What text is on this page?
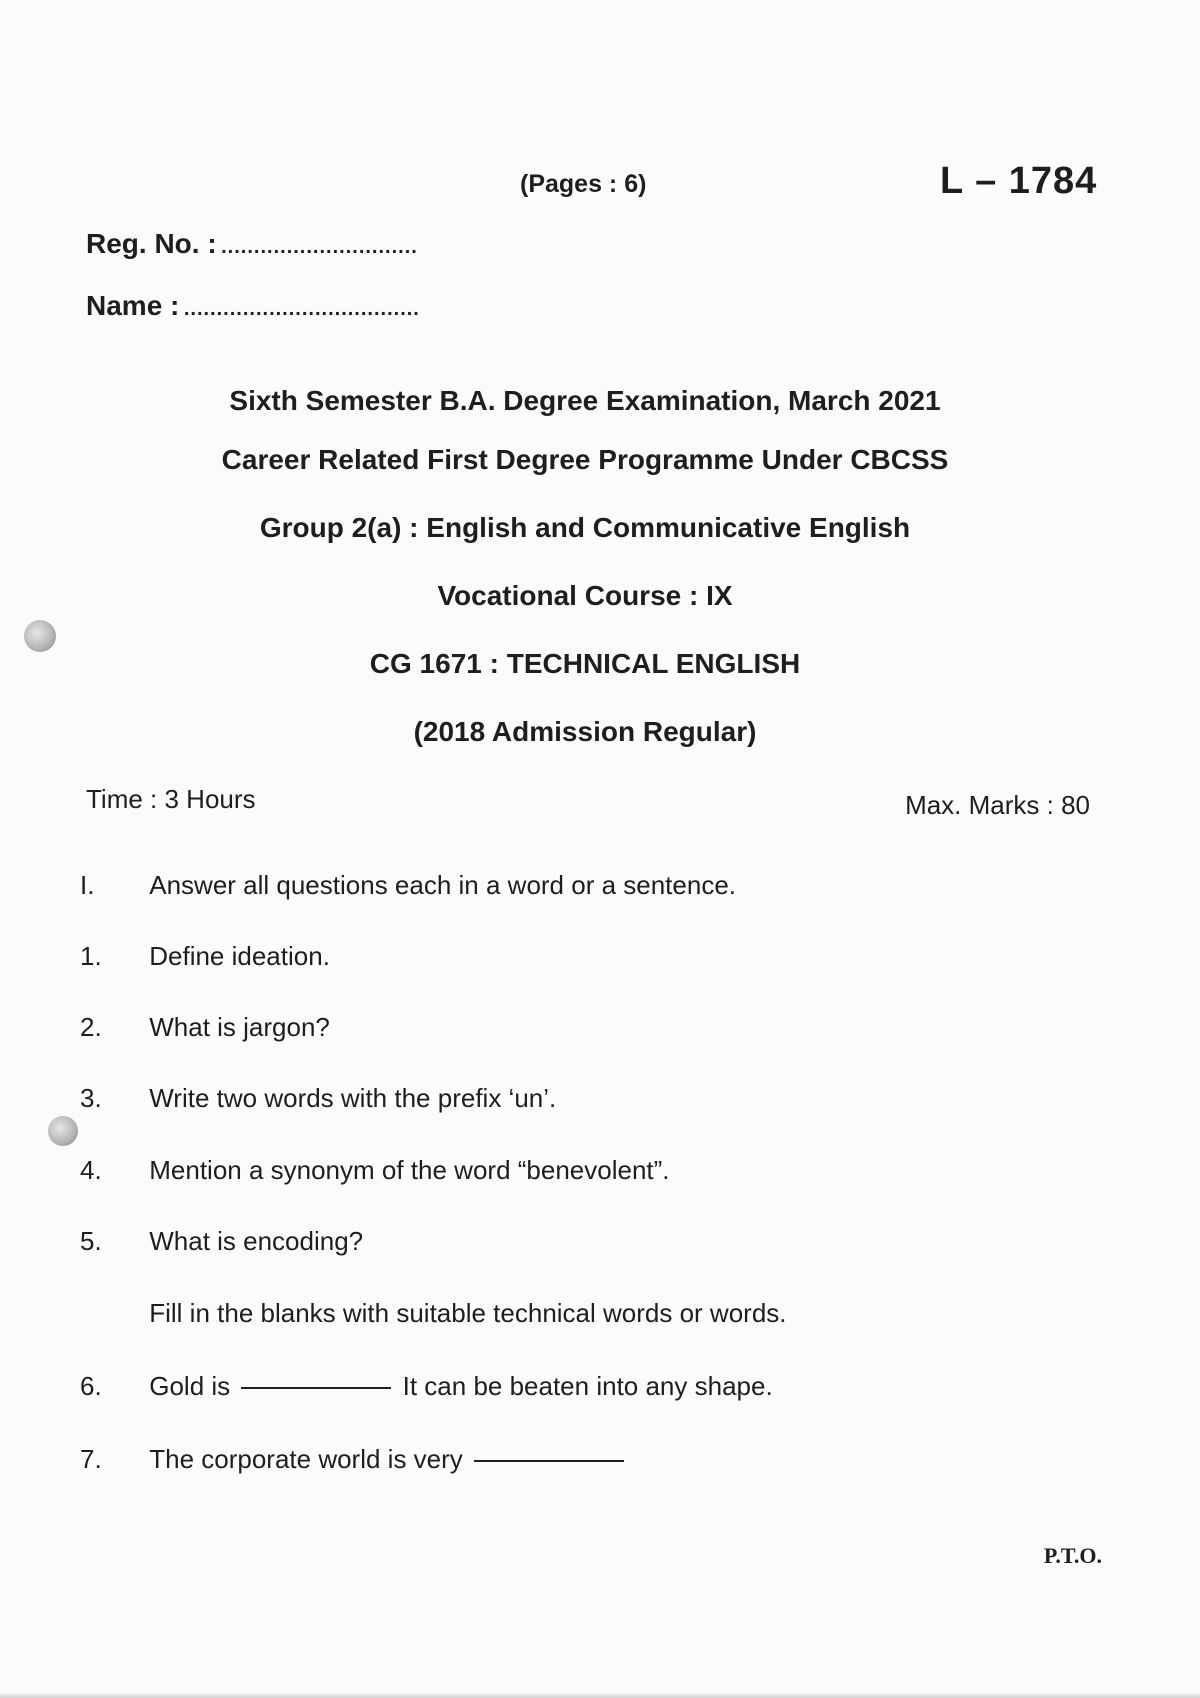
(Pages : 6)	L – 1784
Reg. No. : ..............................
Name : ....................................
Sixth Semester B.A. Degree Examination, March 2021
Career Related First Degree Programme Under CBCSS
Group 2(a) : English and Communicative English
Vocational Course : IX
CG 1671 : TECHNICAL ENGLISH
(2018 Admission Regular)
Time : 3 Hours	Max. Marks : 80
I. Answer all questions each in a word or a sentence.
1. Define ideation.
2. What is jargon?
3. Write two words with the prefix ‘un’.
4. Mention a synonym of the word “benevolent”.
5. What is encoding?
Fill in the blanks with suitable technical words or words.
6. Gold is	It can be beaten into any shape.
7. The corporate world is very
P.T.O.
